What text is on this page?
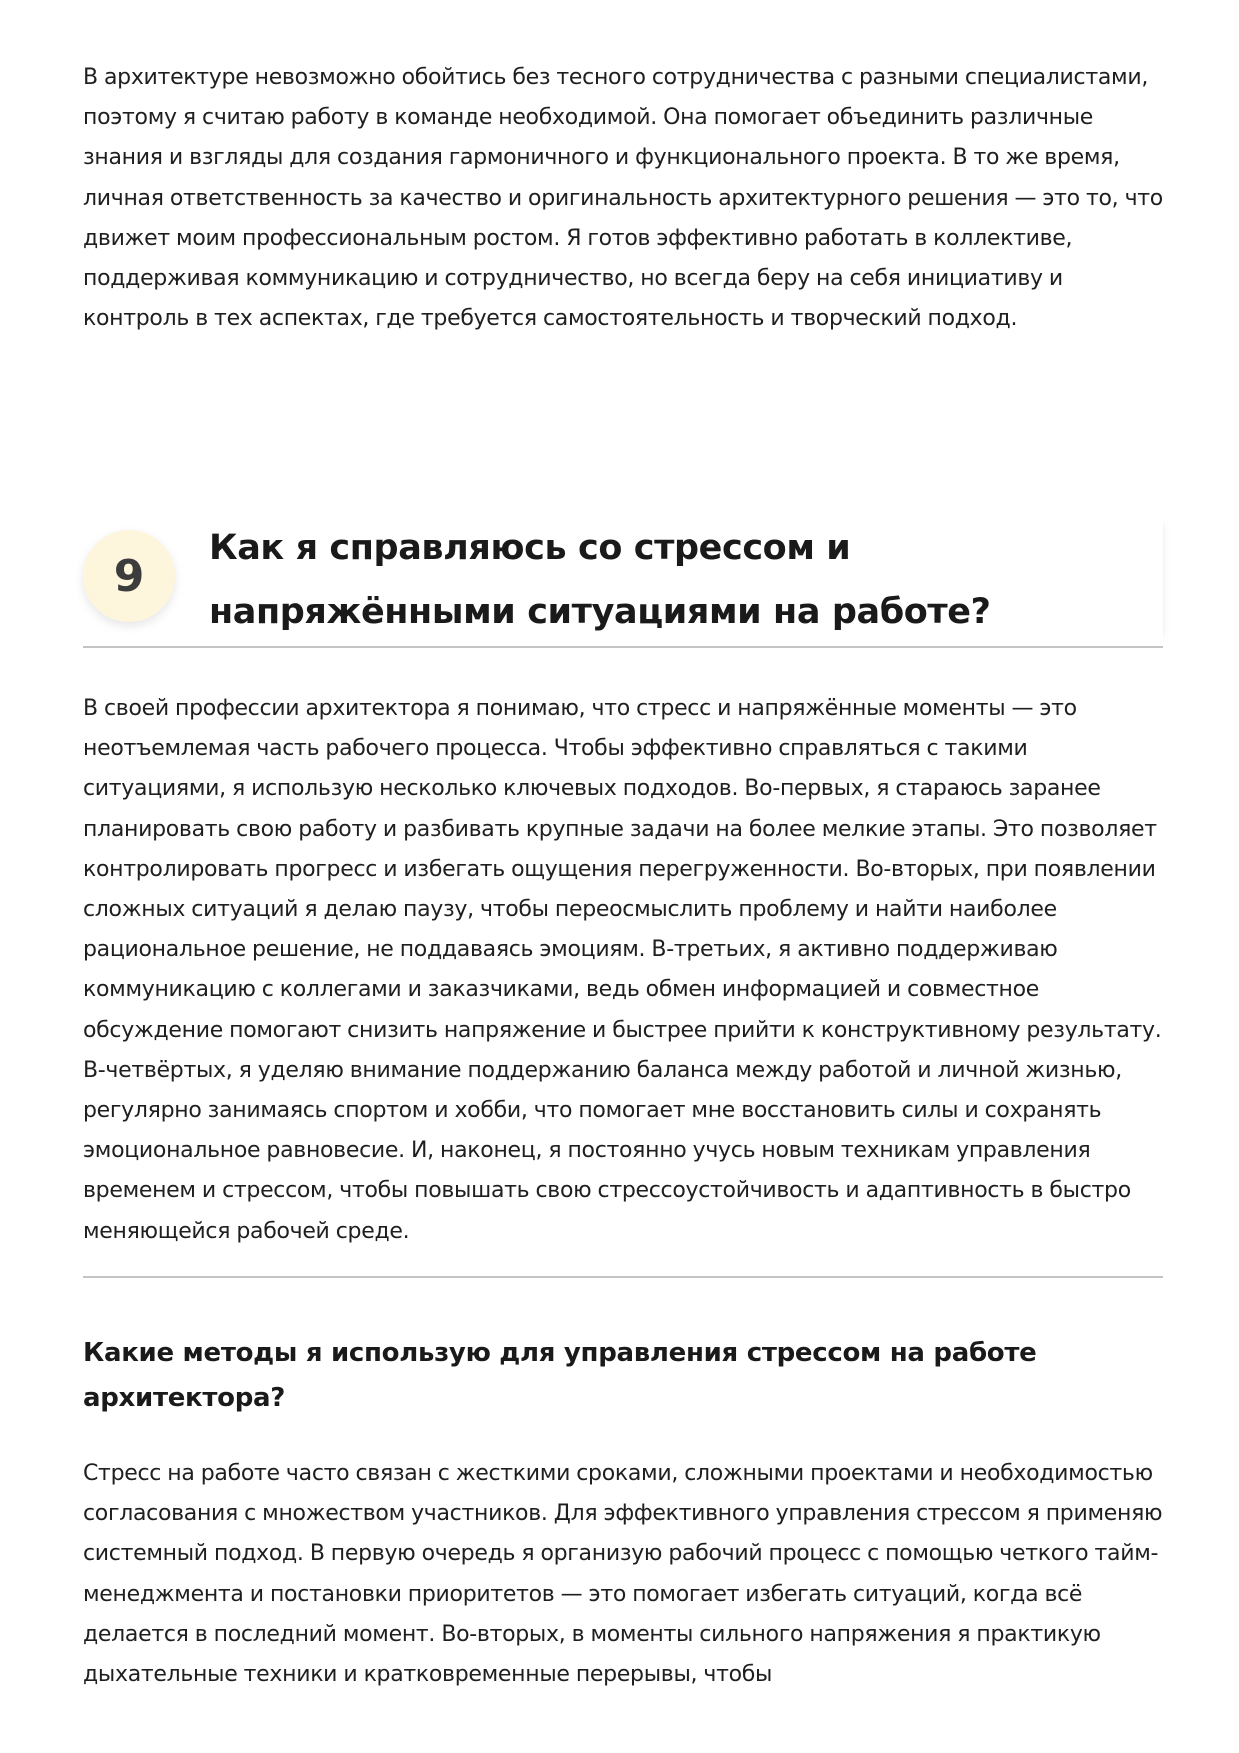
В архитектуре невозможно обойтись без тесного сотрудничества с разными специалистами, поэтому я считаю работу в команде необходимой. Она помогает объединить различные знания и взгляды для создания гармоничного и функционального проекта. В то же время, личная ответственность за качество и оригинальность архитектурного решения — это то, что движет моим профессиональным ростом. Я готов эффективно работать в коллективе, поддерживая коммуникацию и сотрудничество, но всегда беру на себя инициативу и контроль в тех аспектах, где требуется самостоятельность и творческий подход.

9
Как я справляюсь со стрессом и напряжёнными ситуациями на работе?

В своей профессии архитектора я понимаю, что стресс и напряжённые моменты — это неотъемлемая часть рабочего процесса. Чтобы эффективно справляться с такими ситуациями, я использую несколько ключевых подходов. Во-первых, я стараюсь заранее планировать свою работу и разбивать крупные задачи на более мелкие этапы. Это позволяет контролировать прогресс и избегать ощущения перегруженности. Во-вторых, при появлении сложных ситуаций я делаю паузу, чтобы переосмыслить проблему и найти наиболее рациональное решение, не поддаваясь эмоциям. В-третьих, я активно поддерживаю коммуникацию с коллегами и заказчиками, ведь обмен информацией и совместное обсуждение помогают снизить напряжение и быстрее прийти к конструктивному результату. В-четвёртых, я уделяю внимание поддержанию баланса между работой и личной жизнью, регулярно занимаясь спортом и хобби, что помогает мне восстановить силы и сохранять эмоциональное равновесие. И, наконец, я постоянно учусь новым техникам управления временем и стрессом, чтобы повышать свою стрессоустойчивость и адаптивность в быстро меняющейся рабочей среде.

Какие методы я использую для управления стрессом на работе архитектора?

Стресс на работе часто связан с жесткими сроками, сложными проектами и необходимостью согласования с множеством участников. Для эффективного управления стрессом я применяю системный подход. В первую очередь я организую рабочий процесс с помощью четкого тайм-менеджмента и постановки приоритетов — это помогает избегать ситуаций, когда всё делается в последний момент. Во-вторых, в моменты сильного напряжения я практикую дыхательные техники и кратковременные перерывы, чтобы
